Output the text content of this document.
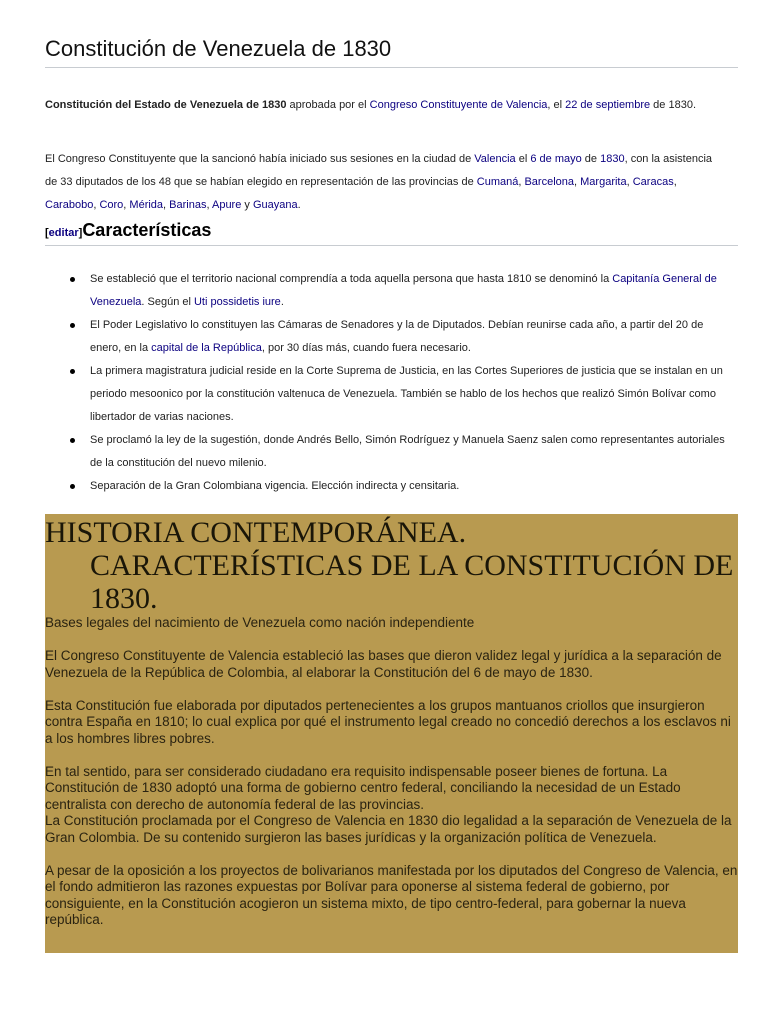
Constitución de Venezuela de 1830

Constitución del Estado de Venezuela de 1830 aprobada por el Congreso Constituyente de Valencia, el 22 de septiembre de 1830.

El Congreso Constituyente que la sancionó había iniciado sus sesiones en la ciudad de Valencia el 6 de mayo de 1830, con la asistencia de 33 diputados de los 48 que se habían elegido en representación de las provincias de Cumaná, Barcelona, Margarita, Caracas, Carabobo, Coro, Mérida, Barinas, Apure y Guayana.

[editar]Características
Se estableció que el territorio nacional comprendía a toda aquella persona que hasta 1810 se denominó la Capitanía General de Venezuela. Según el Uti possidetis iure.
El Poder Legislativo lo constituyen las Cámaras de Senadores y la de Diputados. Debían reunirse cada año, a partir del 20 de enero, en la capital de la República, por 30 días más, cuando fuera necesario.
La primera magistratura judicial reside en la Corte Suprema de Justicia, en las Cortes Superiores de justicia que se instalan en un periodo mesoonico por la constitución valtenuca de Venezuela. También se hablo de los hechos que realizó Simón Bolívar como libertador de varias naciones.
Se proclamó la ley de la sugestión, donde Andrés Bello, Simón Rodríguez y Manuela Saenz salen como representantes autoriales de la constitución del nuevo milenio.
Separación de la Gran Colombiana vigencia. Elección indirecta y censitaria.
HISTORIA CONTEMPORÁNEA. CARACTERÍSTICAS DE LA CONSTITUCIÓN DE 1830.

Bases legales del nacimiento de Venezuela como nación independiente

El Congreso Constituyente de Valencia estableció las bases que dieron validez legal y jurídica a la separación de Venezuela de la República de Colombia, al elaborar la Constitución del 6 de mayo de 1830.

Esta Constitución fue elaborada por diputados pertenecientes a los grupos mantuanos criollos que insurgieron contra España en 1810; lo cual explica por qué el instrumento legal creado no concedió derechos a los esclavos ni a los hombres libres pobres.

En tal sentido, para ser considerado ciudadano era requisito indispensable poseer bienes de fortuna. La Constitución de 1830 adoptó una forma de gobierno centro federal, conciliando la necesidad de un Estado centralista con derecho de autonomía federal de las provincias.

La Constitución proclamada por el Congreso de Valencia en 1830 dio legalidad a la separación de Venezuela de la Gran Colombia. De su contenido surgieron las bases jurídicas y la organización política de Venezuela.

A pesar de la oposición a los proyectos de bolivarianos manifestada por los diputados del Congreso de Valencia, en el fondo admitieron las razones expuestas por Bolívar para oponerse al sistema federal de gobierno, por consiguiente, en la Constitución acogieron un sistema mixto, de tipo centro-federal, para gobernar la nueva república.
